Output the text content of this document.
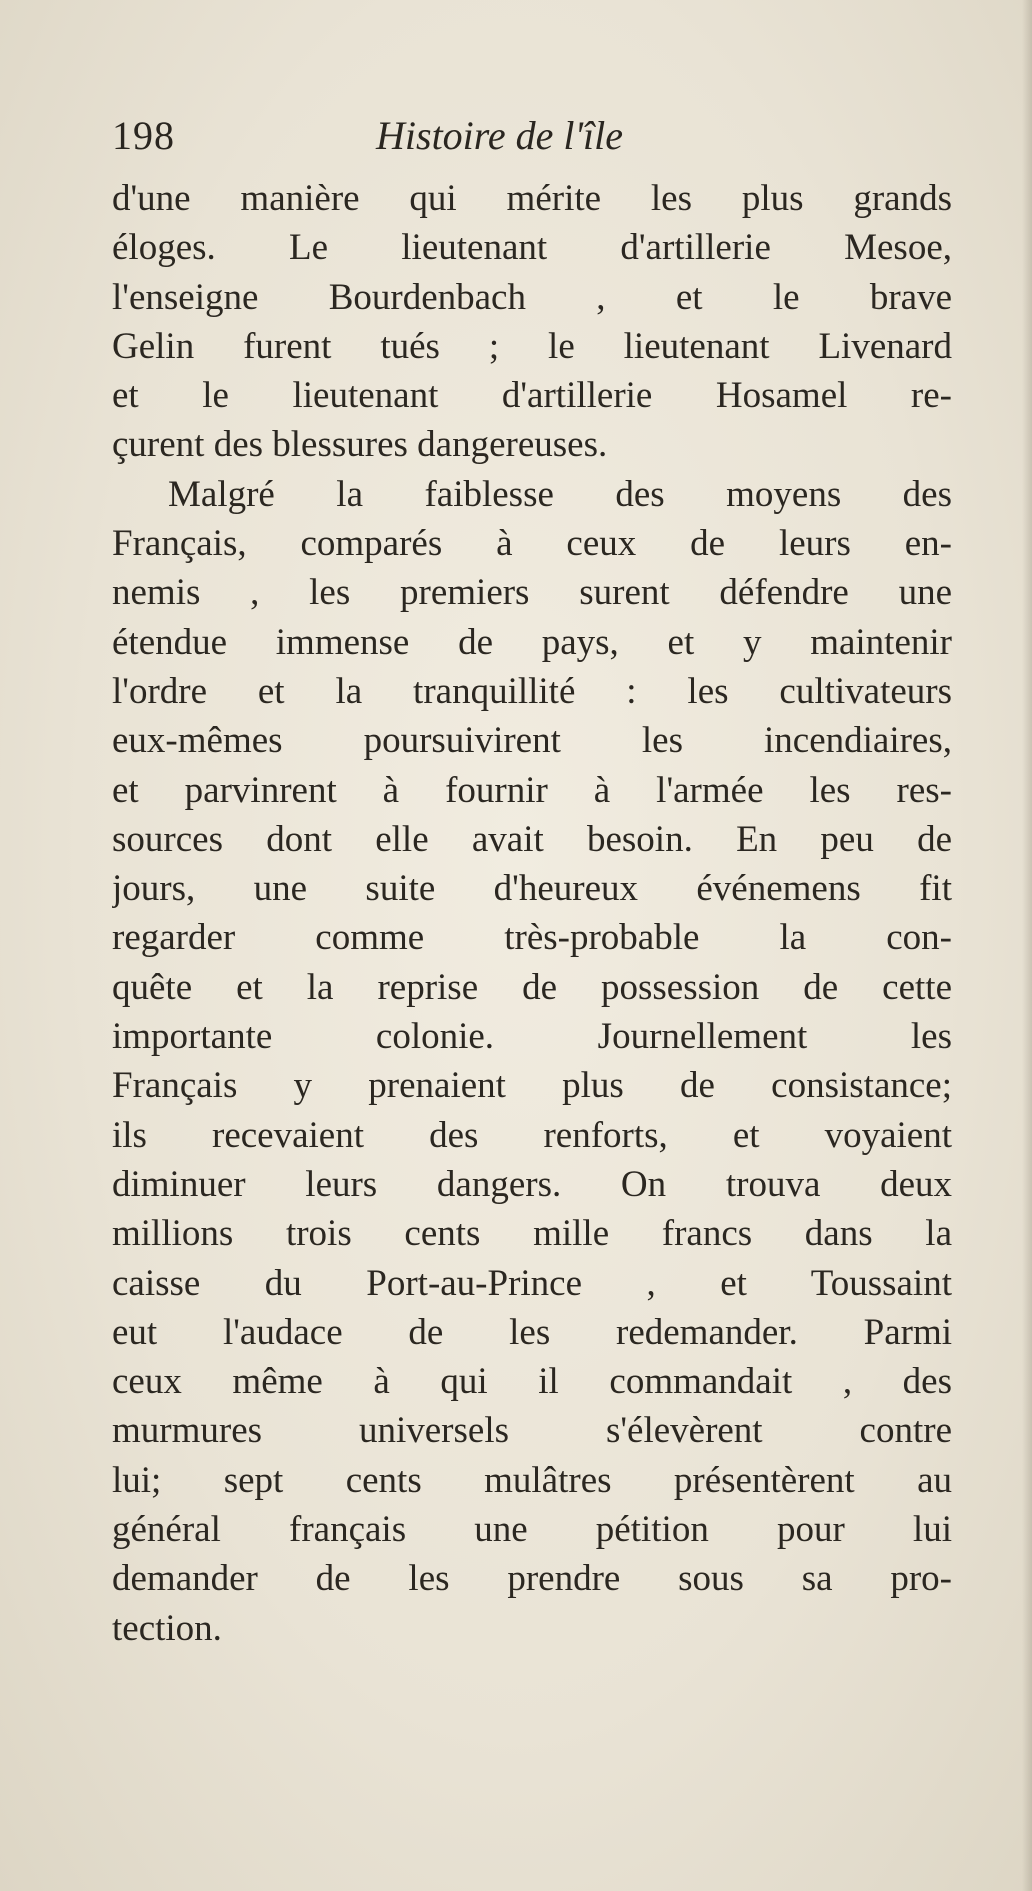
198	Histoire de l'île
d'une manière qui mérite les plus grands
éloges. Le lieutenant d'artillerie Mesoe,
l'enseigne Bourdenbach , et le brave
Gelin furent tués ; le lieutenant Livenard
et le lieutenant d'artillerie Hosamel re-
çurent des blessures dangereuses.
Malgré la faiblesse des moyens des
Français, comparés à ceux de leurs en-
nemis , les premiers surent défendre une
étendue immense de pays, et y maintenir
l'ordre et la tranquillité : les cultivateurs
eux-mêmes poursuivirent les incendiaires,
et parvinrent à fournir à l'armée les res-
sources dont elle avait besoin. En peu de
jours, une suite d'heureux événemens fit
regarder comme très-probable la con-
quête et la reprise de possession de cette
importante colonie. Journellement les
Français y prenaient plus de consistance;
ils recevaient des renforts, et voyaient
diminuer leurs dangers. On trouva deux
millions trois cents mille francs dans la
caisse du Port-au-Prince , et Toussaint
eut l'audace de les redemander. Parmi
ceux même à qui il commandait , des
murmures universels s'élevèrent contre
lui; sept cents mulâtres présentèrent au
général français une pétition pour lui
demander de les prendre sous sa pro-
tection.
